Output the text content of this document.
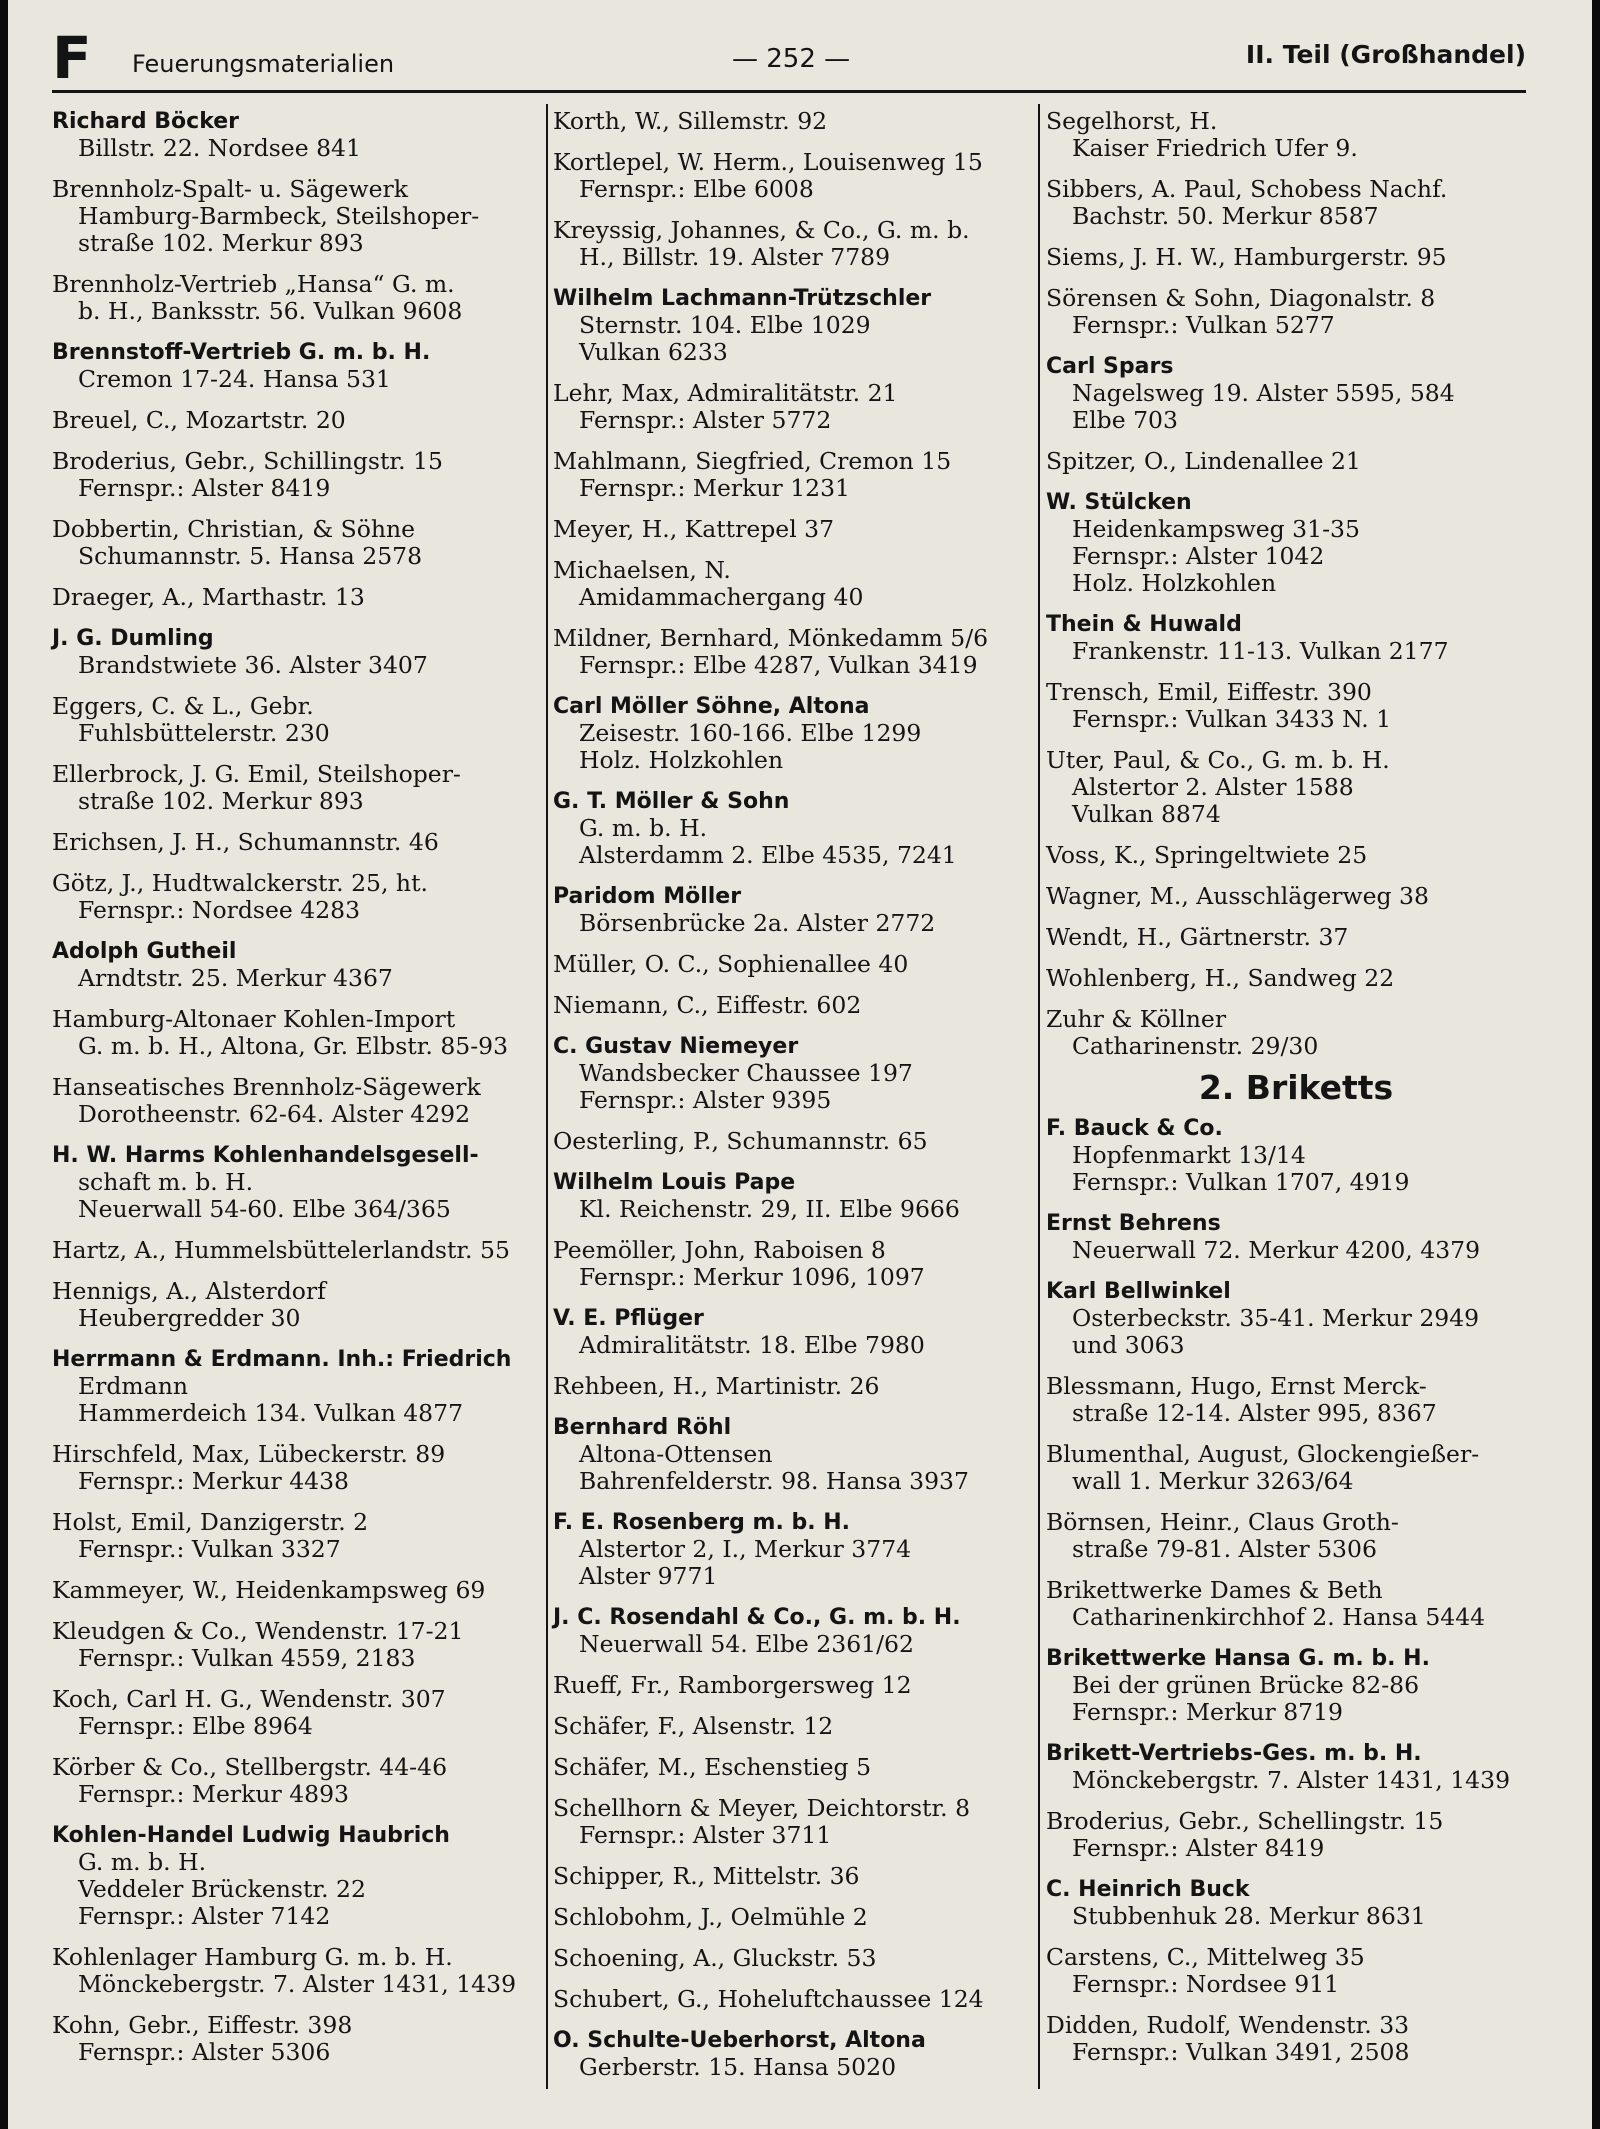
F Feuerungsmaterialien	— 252 —	II. Teil (Großhandel)
Richard Böcker
Billstr. 22. Nordsee 841
Brennholz-Spalt- u. Sägewerk
Hamburg-Barmbeck, Steilshoper-
straße 102. Merkur 893
Brennholz-Vertrieb „Hansa“ G. m.
b. H., Banksstr. 56. Vulkan 9608
Brennstoff-Vertrieb G. m. b. H.
Cremon 17-24. Hansa 531
Breuel, C., Mozartstr. 20
Broderius, Gebr., Schillingstr. 15
Fernspr.: Alster 8419
Dobbertin, Christian, & Söhne
Schumannstr. 5. Hansa 2578
Draeger, A., Marthastr. 13
J. G. Dumling
Brandstwiete 36. Alster 3407
Eggers, C. & L., Gebr.
Fuhlsbüttelerstr. 230
Ellerbrock, J. G. Emil, Steilshoper-
straße 102. Merkur 893
Erichsen, J. H., Schumannstr. 46
Götz, J., Hudtwalckerstr. 25, ht.
Fernspr.: Nordsee 4283
Adolph Gutheil
Arndtstr. 25. Merkur 4367
Hamburg-Altonaer Kohlen-Import
G. m. b. H., Altona, Gr. Elbstr. 85-93
Hanseatisches Brennholz-Sägewerk
Dorotheenstr. 62-64. Alster 4292
H. W. Harms Kohlenhandelsgesell-
schaft m. b. H.
Neuerwall 54-60. Elbe 364/365
Hartz, A., Hummelsbüttelerlandstr. 55
Hennigs, A., Alsterdorf
Heubergredder 30
Herrmann & Erdmann. Inh.: Friedrich
Erdmann
Hammerdeich 134. Vulkan 4877
Hirschfeld, Max, Lübeckerstr. 89
Fernspr.: Merkur 4438
Holst, Emil, Danzigerstr. 2
Fernspr.: Vulkan 3327
Kammeyer, W., Heidenkampsweg 69
Kleudgen & Co., Wendenstr. 17-21
Fernspr.: Vulkan 4559, 2183
Koch, Carl H. G., Wendenstr. 307
Fernspr.: Elbe 8964
Körber & Co., Stellbergstr. 44-46
Fernspr.: Merkur 4893
Kohlen-Handel Ludwig Haubrich
G. m. b. H.
Veddeler Brückenstr. 22
Fernspr.: Alster 7142
Kohlenlager Hamburg G. m. b. H.
Mönckebergstr. 7. Alster 1431, 1439
Kohn, Gebr., Eiffestr. 398
Fernspr.: Alster 5306
Korth, W., Sillemstr. 92
Kortlepel, W. Herm., Louisenweg 15
Fernspr.: Elbe 6008
Kreyssig, Johannes, & Co., G. m. b.
H., Billstr. 19. Alster 7789
Wilhelm Lachmann-Trützschler
Sternstr. 104. Elbe 1029
Vulkan 6233
Lehr, Max, Admiralitätstr. 21
Fernspr.: Alster 5772
Mahlmann, Siegfried, Cremon 15
Fernspr.: Merkur 1231
Meyer, H., Kattrepel 37
Michaelsen, N.
Amidammachergang 40
Mildner, Bernhard, Mönkedamm 5/6
Fernspr.: Elbe 4287, Vulkan 3419
Carl Möller Söhne, Altona
Zeisestr. 160-166. Elbe 1299
Holz. Holzkohlen
G. T. Möller & Sohn
G. m. b. H.
Alsterdamm 2. Elbe 4535, 7241
Paridom Möller
Börsenbrücke 2a. Alster 2772
Müller, O. C., Sophienallee 40
Niemann, C., Eiffestr. 602
C. Gustav Niemeyer
Wandsbecker Chaussee 197
Fernspr.: Alster 9395
Oesterling, P., Schumannstr. 65
Wilhelm Louis Pape
Kl. Reichenstr. 29, II. Elbe 9666
Peemöller, John, Raboisen 8
Fernspr.: Merkur 1096, 1097
V. E. Pflüger
Admiralitätstr. 18. Elbe 7980
Rehbeen, H., Martinistr. 26
Bernhard Röhl
Altona-Ottensen
Bahrenfelderstr. 98. Hansa 3937
F. E. Rosenberg m. b. H.
Alstertor 2, I., Merkur 3774
Alster 9771
J. C. Rosendahl & Co., G. m. b. H.
Neuerwall 54. Elbe 2361/62
Rueff, Fr., Ramborgersweg 12
Schäfer, F., Alsenstr. 12
Schäfer, M., Eschenstieg 5
Schellhorn & Meyer, Deichtorstr. 8
Fernspr.: Alster 3711
Schipper, R., Mittelstr. 36
Schlobohm, J., Oelmühle 2
Schoening, A., Gluckstr. 53
Schubert, G., Hoheluftchaussee 124
O. Schulte-Ueberhorst, Altona
Gerberstr. 15. Hansa 5020
Segelhorst, H.
Kaiser Friedrich Ufer 9.
Sibbers, A. Paul, Schobess Nachf.
Bachstr. 50. Merkur 8587
Siems, J. H. W., Hamburgerstr. 95
Sörensen & Sohn, Diagonalstr. 8
Fernspr.: Vulkan 5277
Carl Spars
Nagelsweg 19. Alster 5595, 584
Elbe 703
Spitzer, O., Lindenallee 21
W. Stülcken
Heidenkampsweg 31-35
Fernspr.: Alster 1042
Holz. Holzkohlen
Thein & Huwald
Frankenstr. 11-13. Vulkan 2177
Trensch, Emil, Eiffestr. 390
Fernspr.: Vulkan 3433 N. 1
Uter, Paul, & Co., G. m. b. H.
Alstertor 2. Alster 1588
Vulkan 8874
Voss, K., Springeltwiete 25
Wagner, M., Ausschlägerweg 38
Wendt, H., Gärtnerstr. 37
Wohlenberg, H., Sandweg 22
Zuhr & Köllner
Catharinenstr. 29/30
2. Briketts
F. Bauck & Co.
Hopfenmarkt 13/14
Fernspr.: Vulkan 1707, 4919
Ernst Behrens
Neuerwall 72. Merkur 4200, 4379
Karl Bellwinkel
Osterbeckstr. 35-41. Merkur 2949
und 3063
Blessmann, Hugo, Ernst Merck-
straße 12-14. Alster 995, 8367
Blumenthal, August, Glockengießer-
wall 1. Merkur 3263/64
Börnsen, Heinr., Claus Groth-
straße 79-81. Alster 5306
Brikettwerke Dames & Beth
Catharinenkirchhof 2. Hansa 5444
Brikettwerke Hansa G. m. b. H.
Bei der grünen Brücke 82-86
Fernspr.: Merkur 8719
Brikett-Vertriebs-Ges. m. b. H.
Mönckebergstr. 7. Alster 1431, 1439
Broderius, Gebr., Schellingstr. 15
Fernspr.: Alster 8419
C. Heinrich Buck
Stubbenhuk 28. Merkur 8631
Carstens, C., Mittelweg 35
Fernspr.: Nordsee 911
Didden, Rudolf, Wendenstr. 33
Fernspr.: Vulkan 3491, 2508
